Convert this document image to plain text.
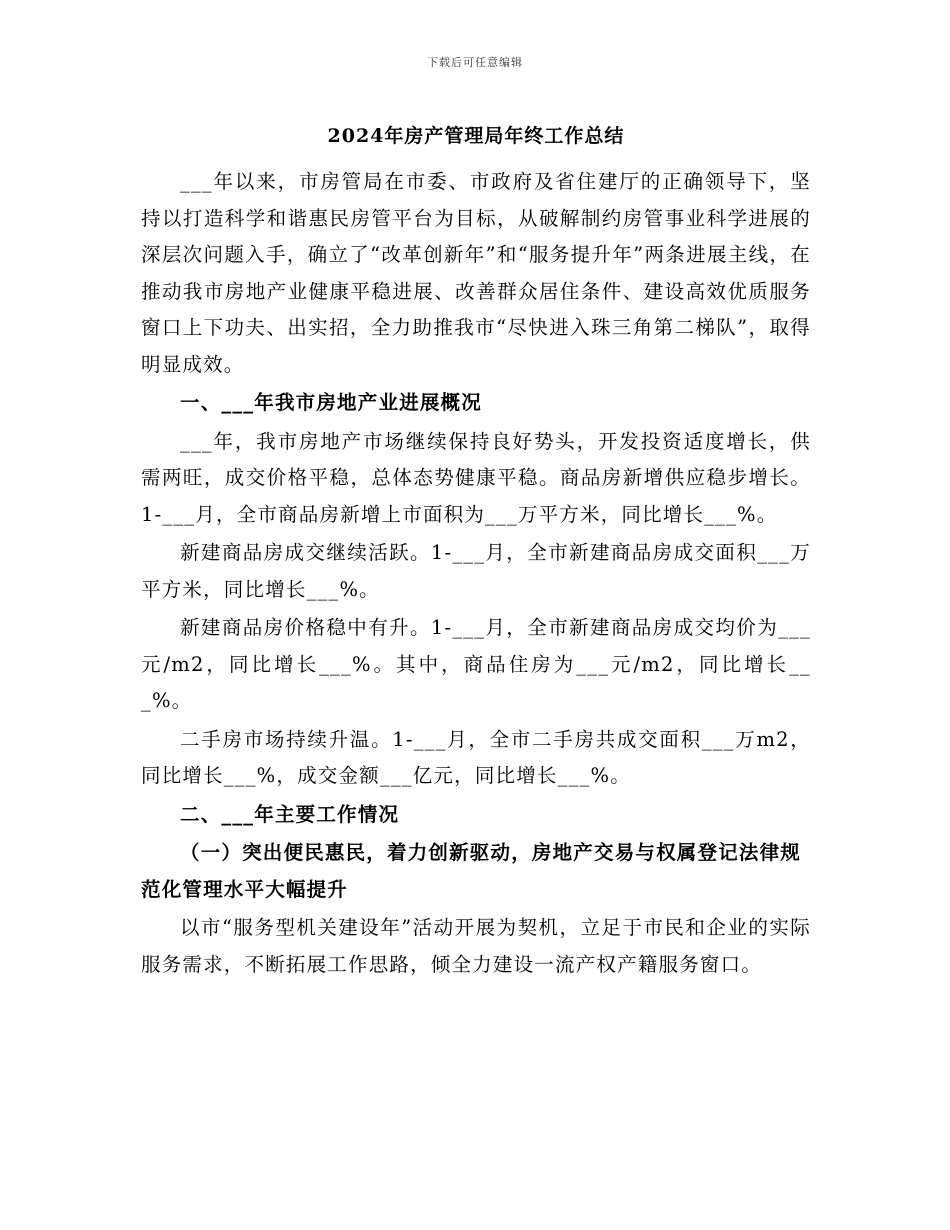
下载后可任意编辑
2024年房产管理局年终工作总结

___年以来，市房管局在市委、市政府及省住建厅的正确领导下，坚持以打造科学和谐惠民房管平台为目标，从破解制约房管事业科学进展的深层次问题入手，确立了“改革创新年”和“服务提升年”两条进展主线，在推动我市房地产业健康平稳进展、改善群众居住条件、建设高效优质服务窗口上下功夫、出实招，全力助推我市“尽快进入珠三角第二梯队”，取得明显成效。

一、___年我市房地产业进展概况

___年，我市房地产市场继续保持良好势头，开发投资适度增长，供需两旺，成交价格平稳，总体态势健康平稳。商品房新增供应稳步增长。1-___月，全市商品房新增上市面积为___万平方米，同比增长___%。

新建商品房成交继续活跃。1-___月，全市新建商品房成交面积___万平方米，同比增长___%。

新建商品房价格稳中有升。1-___月，全市新建商品房成交均价为___元/m2，同比增长___%。其中，商品住房为___元/m2，同比增长___%。

二手房市场持续升温。1-___月，全市二手房共成交面积___万m2，同比增长___%，成交金额___亿元，同比增长___%。

二、___年主要工作情况

（一）突出便民惠民，着力创新驱动，房地产交易与权属登记法律规范化管理水平大幅提升

以市“服务型机关建设年”活动开展为契机，立足于市民和企业的实际服务需求，不断拓展工作思路，倾全力建设一流产权产籍服务窗口。
